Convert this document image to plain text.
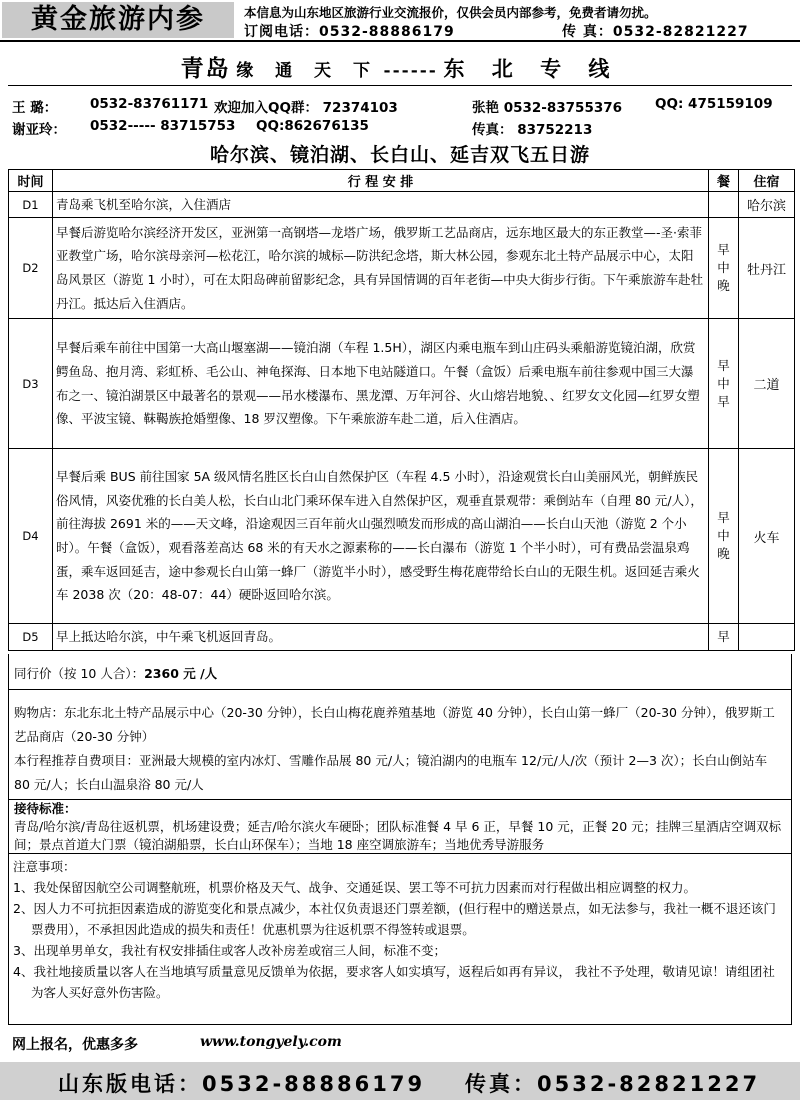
黄金旅游内参	本信息为山东地区旅游行业交流报价，仅供会员内部参考，免费者请勿扰。
订阅电话：0532-88886179	传 真：0532-82821227
青岛 缘 通 天 下 ------ 东 北 专 线
王 璐： 0532-83761171 欢迎加入QQ群： 72374103	张艳 0532-83755376 QQ: 475159109
谢亚玲： 0532----- 83715753 QQ:862676135	传真： 83752213
哈尔滨、镜泊湖、长白山、延吉双飞五日游
时间	行 程 安 排	餐	住宿
D1	青岛乘飞机至哈尔滨，入住酒店		哈尔滨
D2	早餐后游览哈尔滨经济开发区，亚洲第一高钢塔—龙塔广场，俄罗斯工艺品商店，远东地区最大的东正教堂—-圣·索菲亚教堂广场，哈尔滨母亲河—松花江，哈尔滨的城标—防洪纪念塔，斯大林公园，参观东北土特产品展示中心，太阳岛风景区（游览 1 小时），可在太阳岛碑前留影纪念，具有异国情调的百年老街—中央大街步行街。下午乘旅游车赴牡丹江。抵达后入住酒店。	早中晚	牡丹江
D3	早餐后乘车前往中国第一大高山堰塞湖——镜泊湖（车程 1.5H），湖区内乘电瓶车到山庄码头乘船游览镜泊湖，欣赏鳄鱼岛、抱月湾、彩虹桥、毛公山、神龟探海、日本地下电站隧道口。午餐（盒饭）后乘电瓶车前往参观中国三大瀑布之一、镜泊湖景区中最著名的景观——吊水楼瀑布、黑龙潭、万年河谷、火山熔岩地貌、、红罗女文化园—红罗女塑像、平波宝镜、靺鞨族抢婚塑像、18 罗汉塑像。下午乘旅游车赴二道，后入住酒店。	早中早	二道
D4	早餐后乘 BUS 前往国家 5A 级风情名胜区长白山自然保护区（车程 4.5 小时），沿途观赏长白山美丽风光，朝鲜族民俗风情，风姿优雅的长白美人松，长白山北门乘环保车进入自然保护区，观垂直景观带：乘倒站车（自理 80 元/人），前往海拔 2691 米的——天文峰，沿途观因三百年前火山强烈喷发而形成的高山湖泊——长白山天池（游览 2 个小时）。午餐（盒饭），观看落差高达 68 米的有天水之源素称的——长白瀑布（游览 1 个半小时），可有费品尝温泉鸡蛋，乘车返回延吉，途中参观长白山第一蜂厂（游览半小时），感受野生梅花鹿带给长白山的无限生机。返回延吉乘火车 2038 次（20：48-07：44）硬卧返回哈尔滨。	早中晚	火车
D5	早上抵达哈尔滨，中午乘飞机返回青岛。	早	
同行价（按 10 人合）：2360 元 /人
购物店：东北东北土特产品展示中心（20-30 分钟），长白山梅花鹿养殖基地（游览 40 分钟），长白山第一蜂厂（20-30 分钟），俄罗斯工艺品商店（20-30 分钟）
本行程推荐自费项目：亚洲最大规模的室内冰灯、雪雕作品展 80 元/人；镜泊湖内的电瓶车 12/元/人/次（预计 2—3 次）；长白山倒站车 80 元/人；长白山温泉浴 80 元/人
接待标准：
青岛/哈尔滨/青岛往返机票，机场建设费；延吉/哈尔滨火车硬卧；团队标准餐 4 早 6 正，早餐 10 元，正餐 20 元；挂牌三星酒店空调双标间；景点首道大门票（镜泊湖船票，长白山环保车）；当地 18 座空调旅游车；当地优秀导游服务
注意事项：
1、我处保留因航空公司调整航班，机票价格及天气、战争、交通延误、罢工等不可抗力因素而对行程做出相应调整的权力。
2、因人力不可抗拒因素造成的游览变化和景点减少，本社仅负责退还门票差额，(但行程中的赠送景点，如无法参与，我社一概不退还该门票费用），不承担因此造成的损失和责任！优惠机票为往返机票不得签转或退票。
3、出现单男单女，我社有权安排插住或客人改补房差或宿三人间，标准不变；
4、我社地接质量以客人在当地填写质量意见反馈单为依据，要求客人如实填写，返程后如再有异议， 我社不予处理，敬请见谅！请组团社为客人买好意外伤害险。
网上报名，优惠多多	www.tongyely.com
山东版电话：0532-88886179 传真：0532-82821227
